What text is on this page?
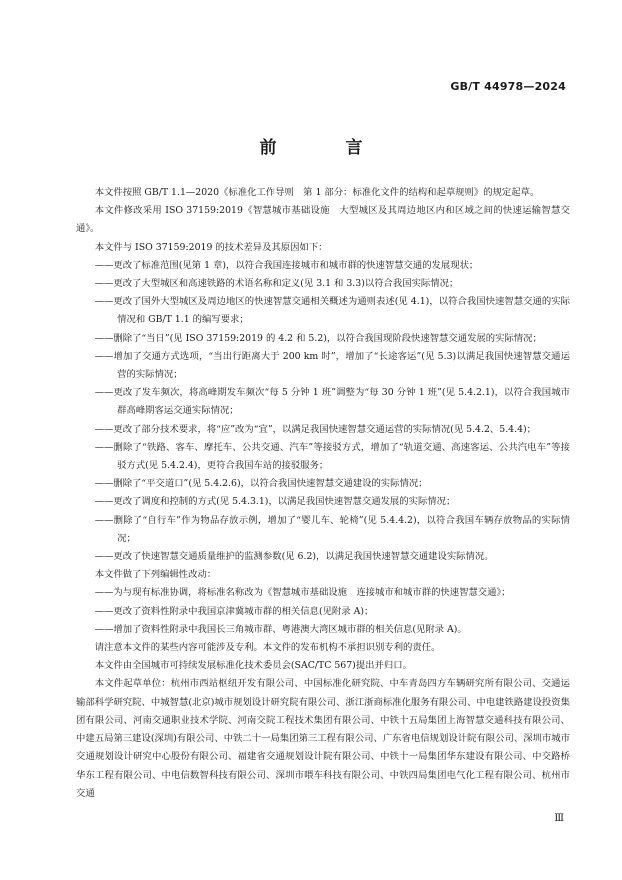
GB/T 44978—2024
前　言

本文件按照 GB/T 1.1—2020《标准化工作导则　第 1 部分：标准化文件的结构和起草规则》的规定起草。

本文件修改采用 ISO 37159:2019《智慧城市基础设施　大型城区及其周边地区内和区域之间的快速运输智慧交通》。

本文件与 ISO 37159:2019 的技术差异及其原因如下：

——更改了标准范围(见第 1 章)，以符合我国连接城市和城市群的快速智慧交通的发展现状；

——更改了大型城区和高速铁路的术语名称和定义(见 3.1 和 3.3)以符合我国实际情况；

——更改了国外大型城区及周边地区的快速智慧交通相关概述为通则表述(见 4.1)，以符合我国快速智慧交通的实际情况和 GB/T 1.1 的编写要求；

——删除了“当日”(见 ISO 37159:2019 的 4.2 和 5.2)，以符合我国现阶段快速智慧交通发展的实际情况；

——增加了交通方式选项，“当出行距离大于 200 km 时”，增加了“长途客运”(见 5.3)以满足我国快速智慧交通运营的实际情况；

——更改了发车频次，将高峰期发车频次“每 5 分钟 1 班”调整为“每 30 分钟 1 班”(见 5.4.2.1)，以符合我国城市群高峰期客运交通实际情况；

——更改了部分技术要求，将“应”改为“宜”，以满足我国快速智慧交通运营的实际情况(见 5.4.2、5.4.4)；

——删除了“铁路、客车、摩托车、公共交通、汽车”等接驳方式，增加了“轨道交通、高速客运、公共汽电车”等接驳方式(见 5.4.2.4)，更符合我国车站的接驳服务；

——删除了“平交道口”(见 5.4.2.6)，以符合我国快速智慧交通建设的实际情况；

——更改了调度和控制的方式(见 5.4.3.1)，以满足我国快速智慧交通发展的实际情况；

——删除了“自行车”作为物品存放示例，增加了“婴儿车、轮椅”(见 5.4.4.2)，以符合我国车辆存放物品的实际情况；

——更改了快速智慧交通质量维护的监测参数(见 6.2)，以满足我国快速智慧交通建设实际情况。

本文件做了下列编辑性改动：

——为与现有标准协调，将标准名称改为《智慧城市基础设施　连接城市和城市群的快速智慧交通》；

——更改了资料性附录中我国京津冀城市群的相关信息(见附录 A)；

——增加了资料性附录中我国长三角城市群、粤港澳大湾区城市群的相关信息(见附录 A)。

请注意本文件的某些内容可能涉及专利。本文件的发布机构不承担识别专利的责任。

本文件由全国城市可持续发展标准化技术委员会(SAC/TC 567)提出并归口。

本文件起草单位：杭州市西站枢纽开发有限公司、中国标准化研究院、中车青岛四方车辆研究所有限公司、交通运输部科学研究院、中城智慧(北京)城市规划设计研究院有限公司、浙江浙商标准化服务有限公司、中电建铁路建设投资集团有限公司、河南交通职业技术学院、河南交院工程技术集团有限公司、中铁十五局集团上海智慧交通科技有限公司、中建五局第三建设(深圳)有限公司、中铁二十一局集团第三工程有限公司、广东省电信规划设计院有限公司、深圳市城市交通规划设计研究中心股份有限公司、福建省交通规划设计院有限公司、中铁十一局集团华东建设有限公司、中交路桥华东工程有限公司、中电信数智科技有限公司、深圳市喂车科技有限公司、中铁四局集团电气化工程有限公司、杭州市交通

Ⅲ
